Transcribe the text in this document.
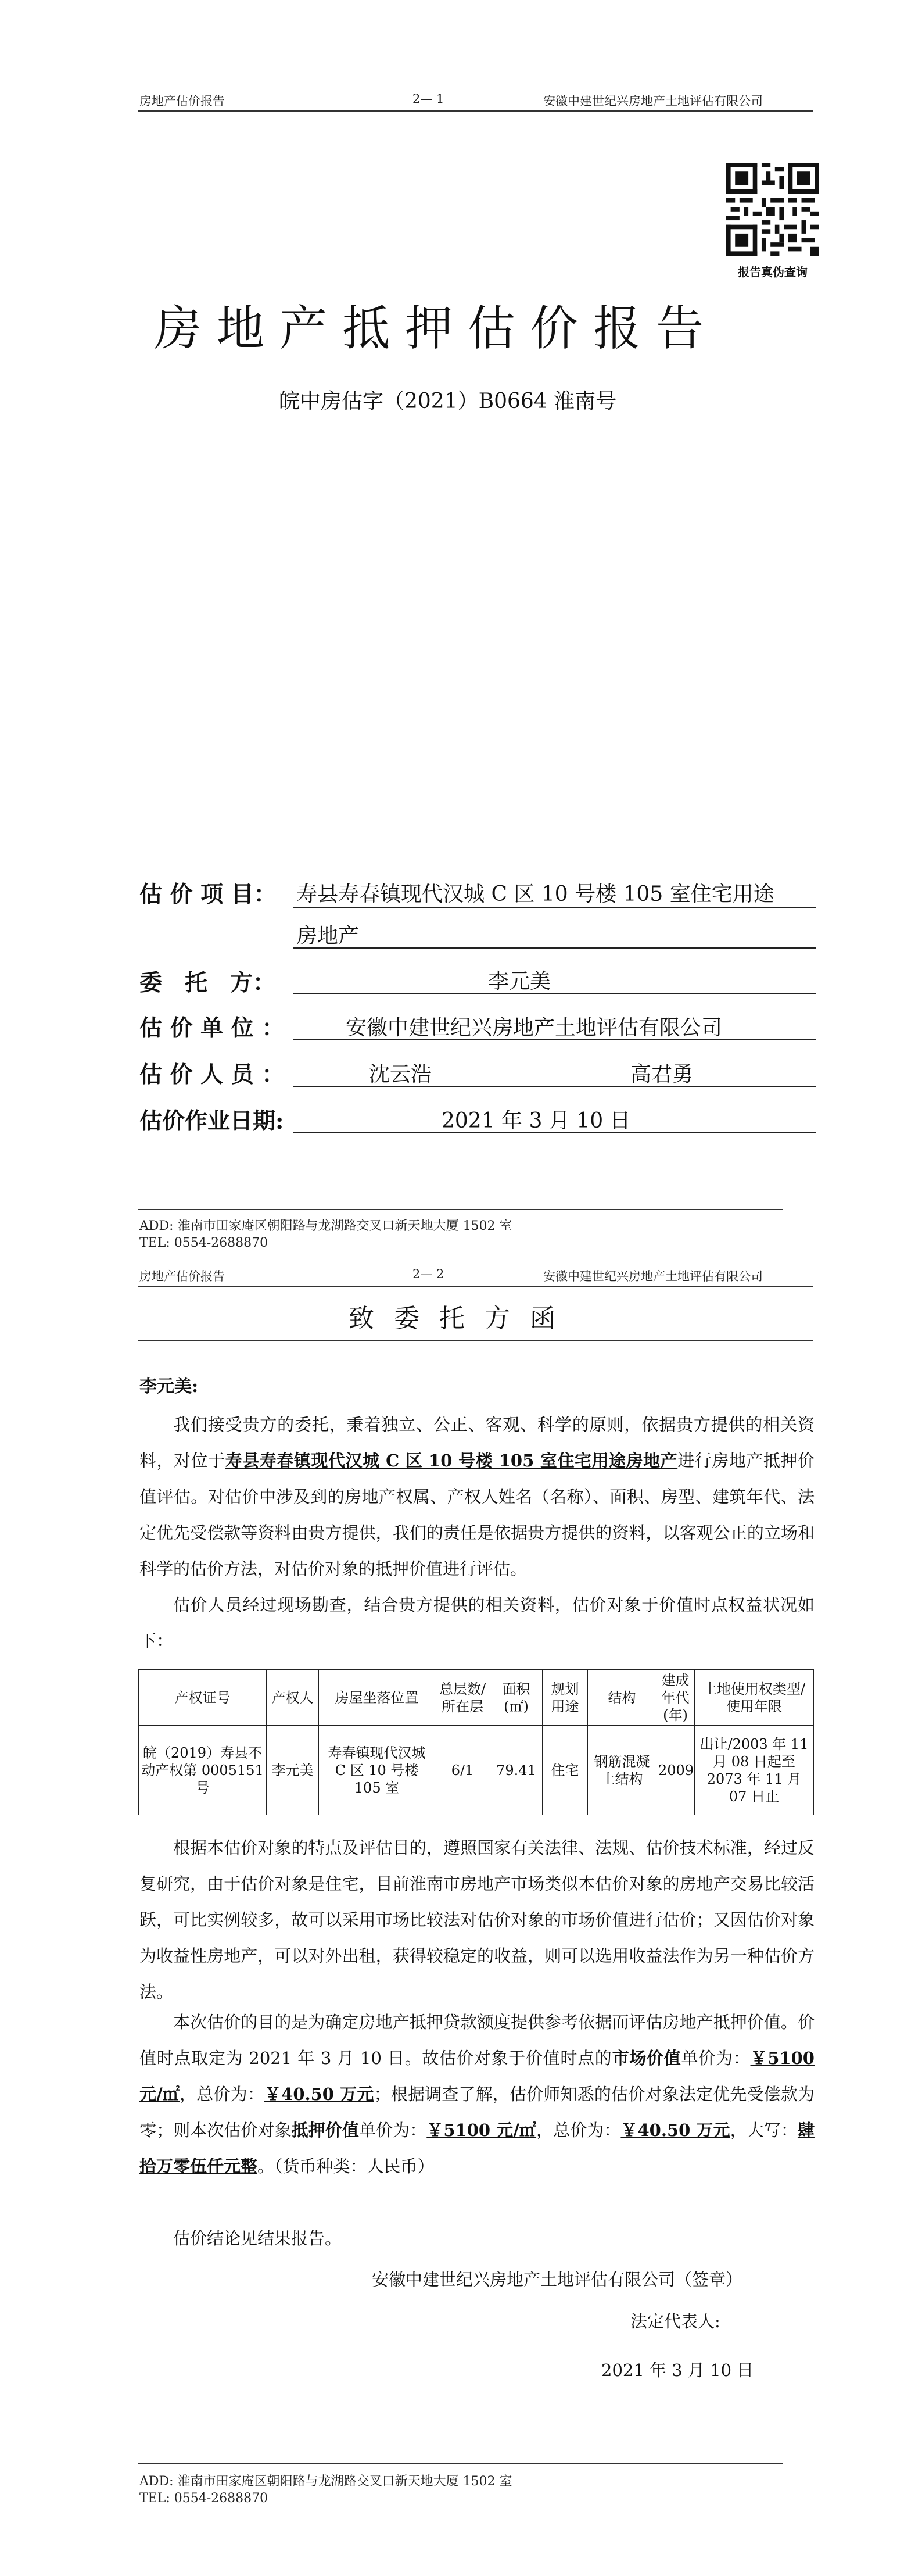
房地产估价报告	2— 1	安徽中建世纪兴房地产土地评估有限公司
报告真伪查询
房地产抵押估价报告
皖中房估字（2021）B0664 淮南号
估 价 项 目： 寿县寿春镇现代汉城 C 区 10 号楼 105 室住宅用途
房地产
委　托　方：	李元美
估 价 单 位 ：	安徽中建世纪兴房地产土地评估有限公司
估 价 人 员 ：	沈云浩	高君勇
估价作业日期:	2021 年 3 月 10 日
ADD: 淮南市田家庵区朝阳路与龙湖路交叉口新天地大厦 1502 室
TEL: 0554-2688870
房地产估价报告	2— 2	安徽中建世纪兴房地产土地评估有限公司
致委托方函
李元美:
我们接受贵方的委托，秉着独立、公正、客观、科学的原则，依据贵方提供的相关资料，对位于寿县寿春镇现代汉城 C 区 10 号楼 105 室住宅用途房地产进行房地产抵押价值评估。对估价中涉及到的房地产权属、产权人姓名（名称）、面积、房型、建筑年代、法定优先受偿款等资料由贵方提供，我们的责任是依据贵方提供的资料，以客观公正的立场和科学的估价方法，对估价对象的抵押价值进行评估。
估价人员经过现场勘查，结合贵方提供的相关资料，估价对象于价值时点权益状况如下：
产权证号	产权人	房屋坐落位置	总层数/所在层	面积(㎡)	规划用途	结构	建成年代(年)	土地使用权类型/使用年限
皖（2019）寿县不动产权第 0005151 号	李元美	寿春镇现代汉城 C 区 10 号楼 105 室	6/1	79.41	住宅	钢筋混凝土结构	2009	出让/2003 年 11 月 08 日起至 2073 年 11 月 07 日止
根据本估价对象的特点及评估目的，遵照国家有关法律、法规、估价技术标准，经过反复研究，由于估价对象是住宅，目前淮南市房地产市场类似本估价对象的房地产交易比较活跃，可比实例较多，故可以采用市场比较法对估价对象的市场价值进行估价；又因估价对象为收益性房地产，可以对外出租，获得较稳定的收益，则可以选用收益法作为另一种估价方法。
本次估价的目的是为确定房地产抵押贷款额度提供参考依据而评估房地产抵押价值。价值时点取定为 2021 年 3 月 10 日。故估价对象于价值时点的市场价值单价为：￥5100 元/㎡，总价为：￥40.50 万元；根据调查了解，估价师知悉的估价对象法定优先受偿款为零；则本次估价对象抵押价值单价为：￥5100 元/㎡，总价为：￥40.50 万元，大写：肆拾万零伍仟元整。（货币种类：人民币）
估价结论见结果报告。
安徽中建世纪兴房地产土地评估有限公司（签章）
法定代表人:
2021 年 3 月 10 日
ADD: 淮南市田家庵区朝阳路与龙湖路交叉口新天地大厦 1502 室
TEL: 0554-2688870
